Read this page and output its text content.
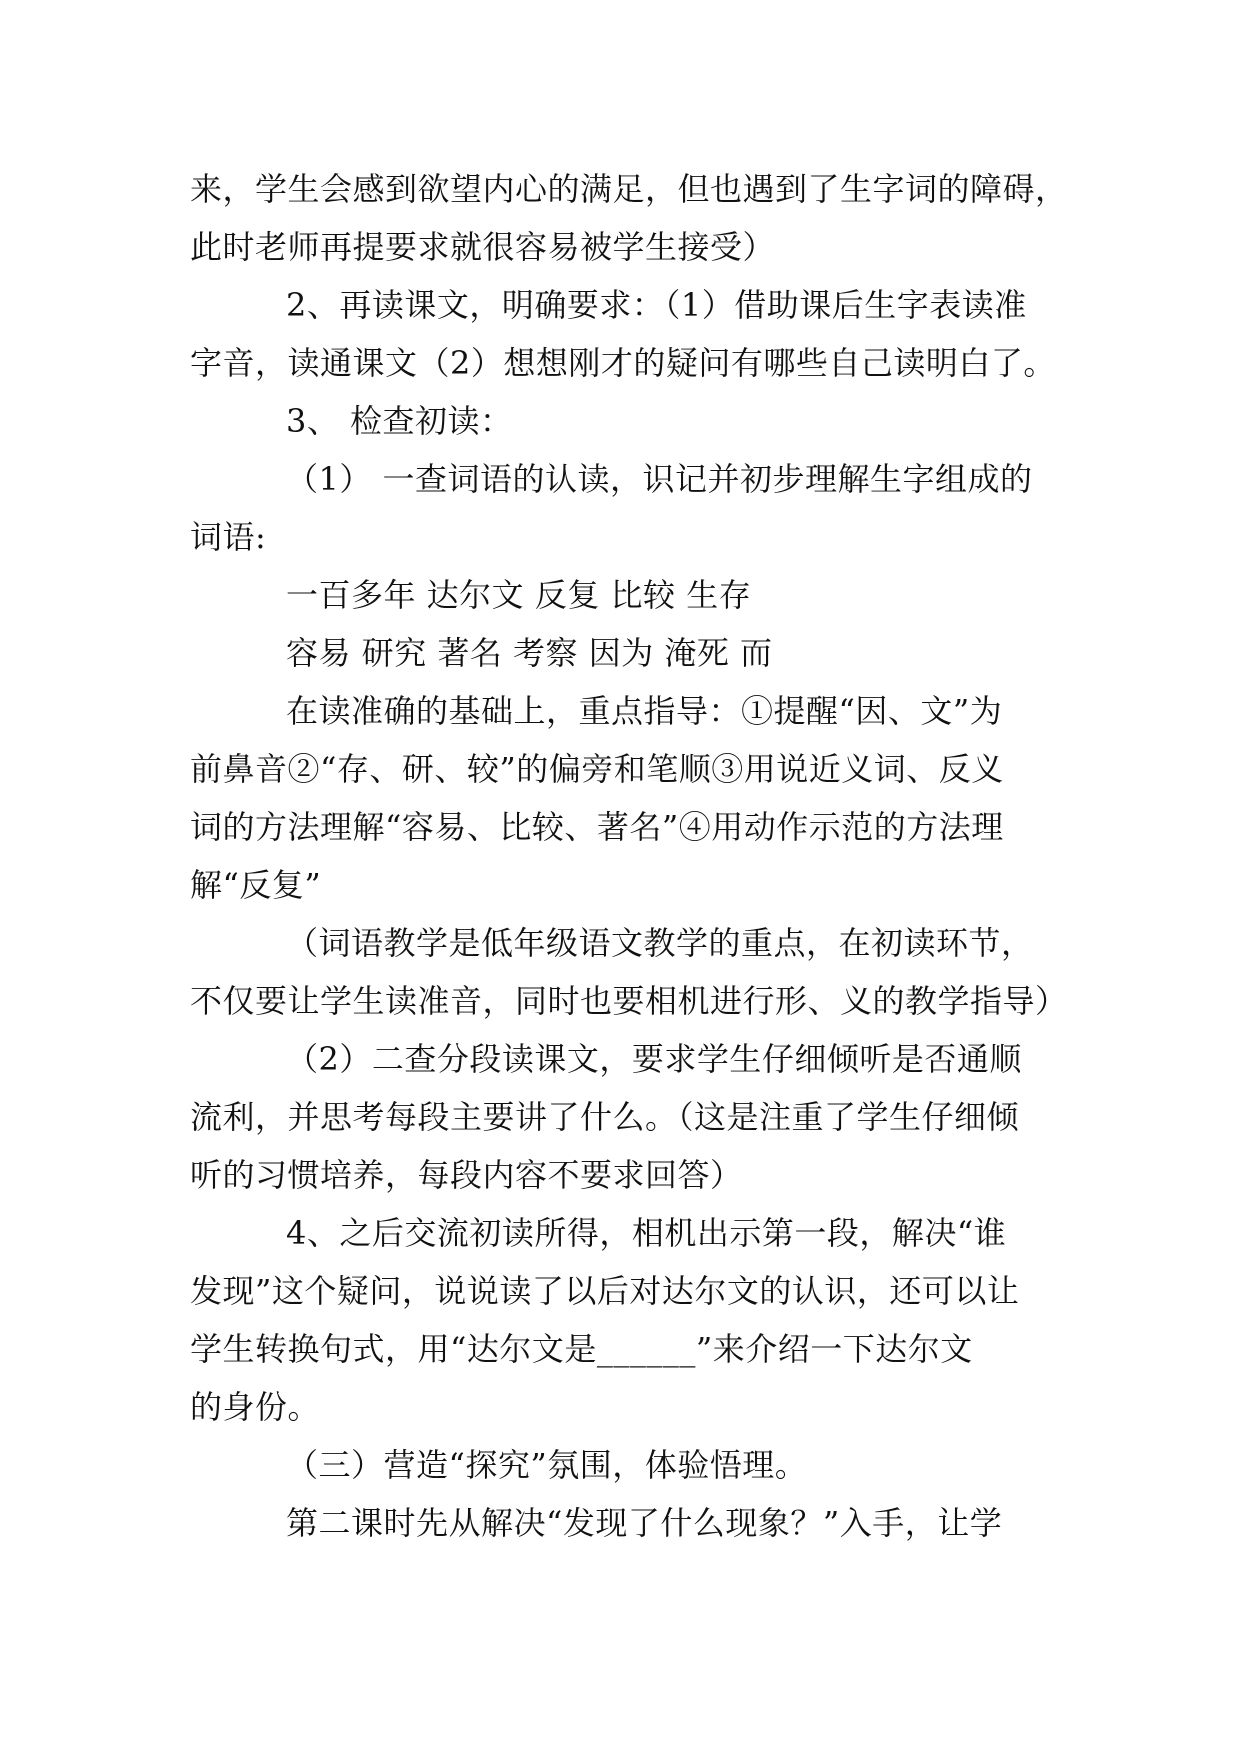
来，学生会感到欲望内心的满足，但也遇到了生字词的障碍，
此时老师再提要求就很容易被学生接受）
2、再读课文，明确要求：（1）借助课后生字表读准
字音，读通课文（2）想想刚才的疑问有哪些自己读明白了。
3、 检查初读：
（1） 一查词语的认读，识记并初步理解生字组成的
词语:
一百多年 达尔文 反复 比较 生存
容易 研究 著名 考察 因为 淹死 而
在读准确的基础上，重点指导：①提醒“因、文”为
前鼻音②“存、研、较”的偏旁和笔顺③用说近义词、反义
词的方法理解“容易、比较、著名”④用动作示范的方法理
解“反复”
（词语教学是低年级语文教学的重点，在初读环节，
不仅要让学生读准音，同时也要相机进行形、义的教学指导）
（2）二查分段读课文，要求学生仔细倾听是否通顺
流利，并思考每段主要讲了什么。（这是注重了学生仔细倾
听的习惯培养，每段内容不要求回答）
4、之后交流初读所得，相机出示第一段，解决“谁
发现”这个疑问，说说读了以后对达尔文的认识，还可以让
学生转换句式，用“达尔文是______”来介绍一下达尔文
的身份。
（三）营造“探究”氛围，体验悟理。
第二课时先从解决“发现了什么现象？”入手，让学
